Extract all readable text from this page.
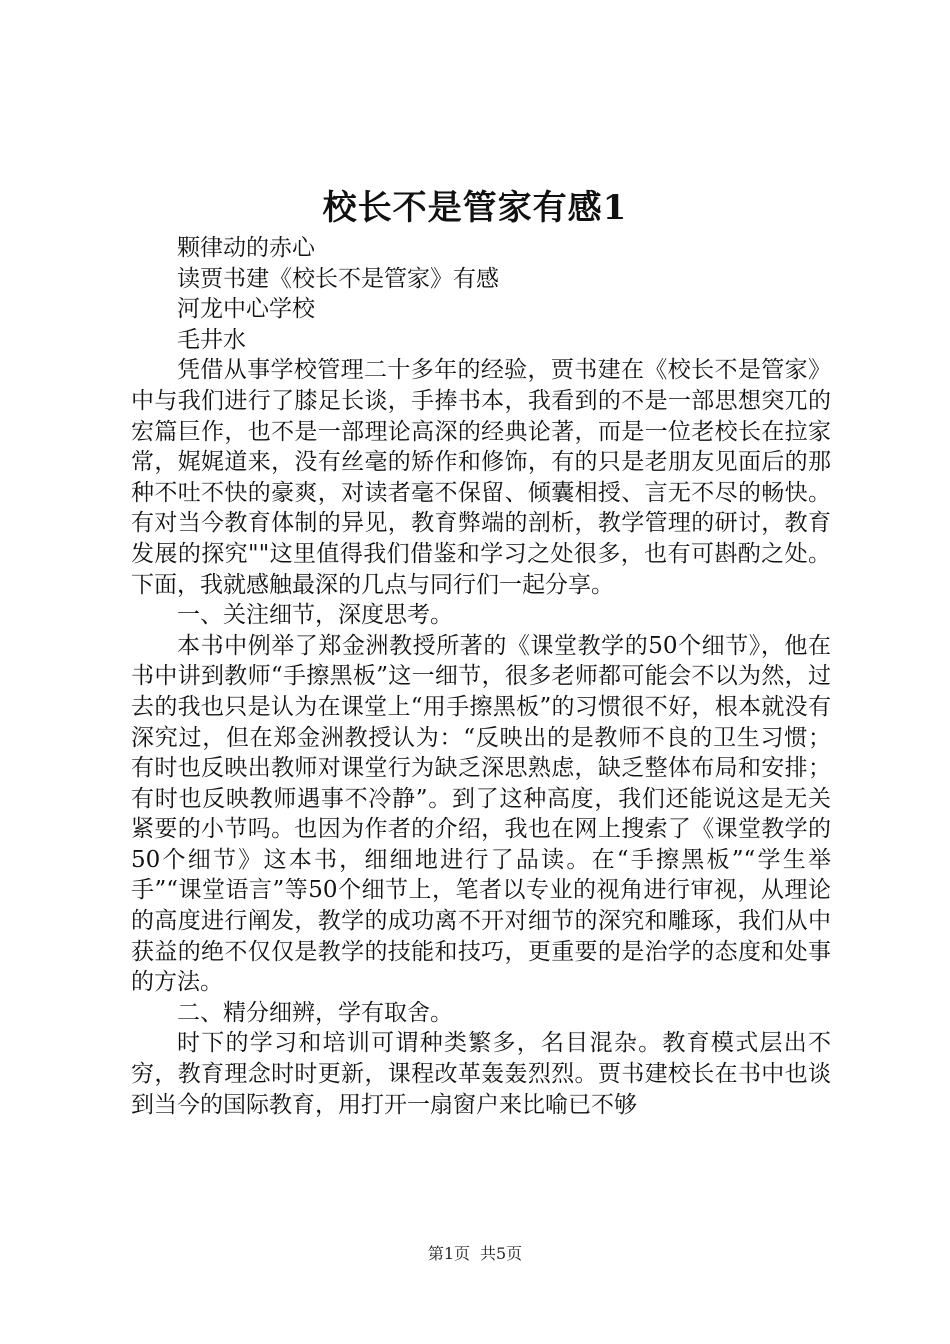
校长不是管家有感1

颗律动的赤心

读贾书建《校长不是管家》有感

河龙中心学校

毛井水

凭借从事学校管理二十多年的经验，贾书建在《校长不是管家》中与我们进行了膝足长谈，手捧书本，我看到的不是一部思想突兀的宏篇巨作，也不是一部理论高深的经典论著，而是一位老校长在拉家常，娓娓道来，没有丝毫的矫作和修饰，有的只是老朋友见面后的那种不吐不快的豪爽，对读者毫不保留、倾囊相授、言无不尽的畅快。有对当今教育体制的异见，教育弊端的剖析，教学管理的研讨，教育发展的探究""这里值得我们借鉴和学习之处很多，也有可斟酌之处。下面，我就感触最深的几点与同行们一起分享。

一、关注细节，深度思考。

本书中例举了郑金洲教授所著的《课堂教学的50个细节》，他在书中讲到教师“手擦黑板”这一细节，很多老师都可能会不以为然，过去的我也只是认为在课堂上“用手擦黑板”的习惯很不好，根本就没有深究过，但在郑金洲教授认为：“反映出的是教师不良的卫生习惯；有时也反映出教师对课堂行为缺乏深思熟虑，缺乏整体布局和安排；有时也反映教师遇事不冷静”。到了这种高度，我们还能说这是无关紧要的小节吗。也因为作者的介绍，我也在网上搜索了《课堂教学的50个细节》这本书，细细地进行了品读。在“手擦黑板”“学生举手”“课堂语言”等50个细节上，笔者以专业的视角进行审视，从理论的高度进行阐发，教学的成功离不开对细节的深究和雕琢，我们从中获益的绝不仅仅是教学的技能和技巧，更重要的是治学的态度和处事的方法。

二、精分细辨，学有取舍。

时下的学习和培训可谓种类繁多，名目混杂。教育模式层出不穷，教育理念时时更新，课程改革轰轰烈烈。贾书建校长在书中也谈到当今的国际教育，用打开一扇窗户来比喻已不够

第1页 共5页
